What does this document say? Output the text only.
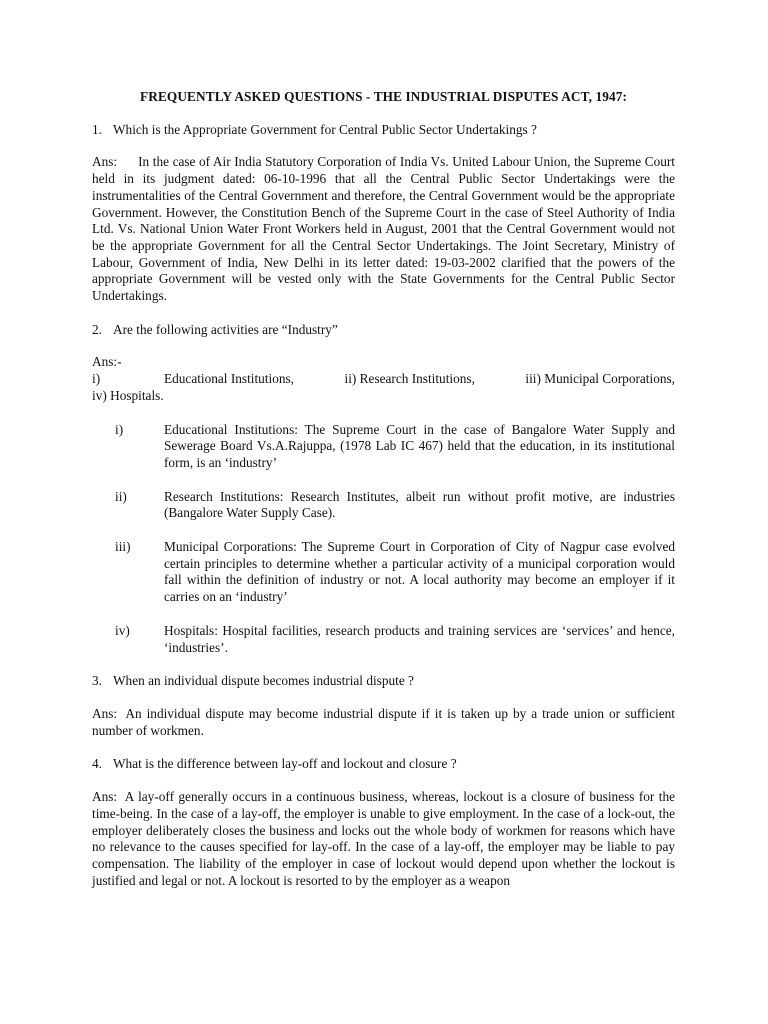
FREQUENTLY ASKED QUESTIONS - THE INDUSTRIAL DISPUTES ACT, 1947:
1. Which is the Appropriate Government for Central Public Sector Undertakings ?
Ans: In the case of Air India Statutory Corporation of India Vs. United Labour Union, the Supreme Court held in its judgment dated: 06-10-1996 that all the Central Public Sector Undertakings were the instrumentalities of the Central Government and therefore, the Central Government would be the appropriate Government. However, the Constitution Bench of the Supreme Court in the case of Steel Authority of India Ltd. Vs. National Union Water Front Workers held in August, 2001 that the Central Government would not be the appropriate Government for all the Central Sector Undertakings. The Joint Secretary, Ministry of Labour, Government of India, New Delhi in its letter dated: 19-03-2002 clarified that the powers of the appropriate Government will be vested only with the State Governments for the Central Public Sector Undertakings.
2. Are the following activities are “Industry”
Ans:-
i)	Educational Institutions,	ii) Research Institutions,	iii) Municipal Corporations,
iv) Hospitals.
i)	Educational Institutions: The Supreme Court in the case of Bangalore Water Supply and Sewerage Board Vs.A.Rajuppa, (1978 Lab IC 467) held that the education, in its institutional form, is an ‘industry’
ii)	Research Institutions: Research Institutes, albeit run without profit motive, are industries (Bangalore Water Supply Case).
iii)	Municipal Corporations: The Supreme Court in Corporation of City of Nagpur case evolved certain principles to determine whether a particular activity of a municipal corporation would fall within the definition of industry or not. A local authority may become an employer if it carries on an ‘industry’
iv)	Hospitals: Hospital facilities, research products and training services are ‘services’ and hence, ‘industries’.
3. When an individual dispute becomes industrial dispute ?
Ans: An individual dispute may become industrial dispute if it is taken up by a trade union or sufficient number of workmen.
4. What is the difference between lay-off and lockout and closure ?
Ans: A lay-off generally occurs in a continuous business, whereas, lockout is a closure of business for the time-being. In the case of a lay-off, the employer is unable to give employment. In the case of a lock-out, the employer deliberately closes the business and locks out the whole body of workmen for reasons which have no relevance to the causes specified for lay-off. In the case of a lay-off, the employer may be liable to pay compensation. The liability of the employer in case of lockout would depend upon whether the lockout is justified and legal or not. A lockout is resorted to by the employer as a weapon
